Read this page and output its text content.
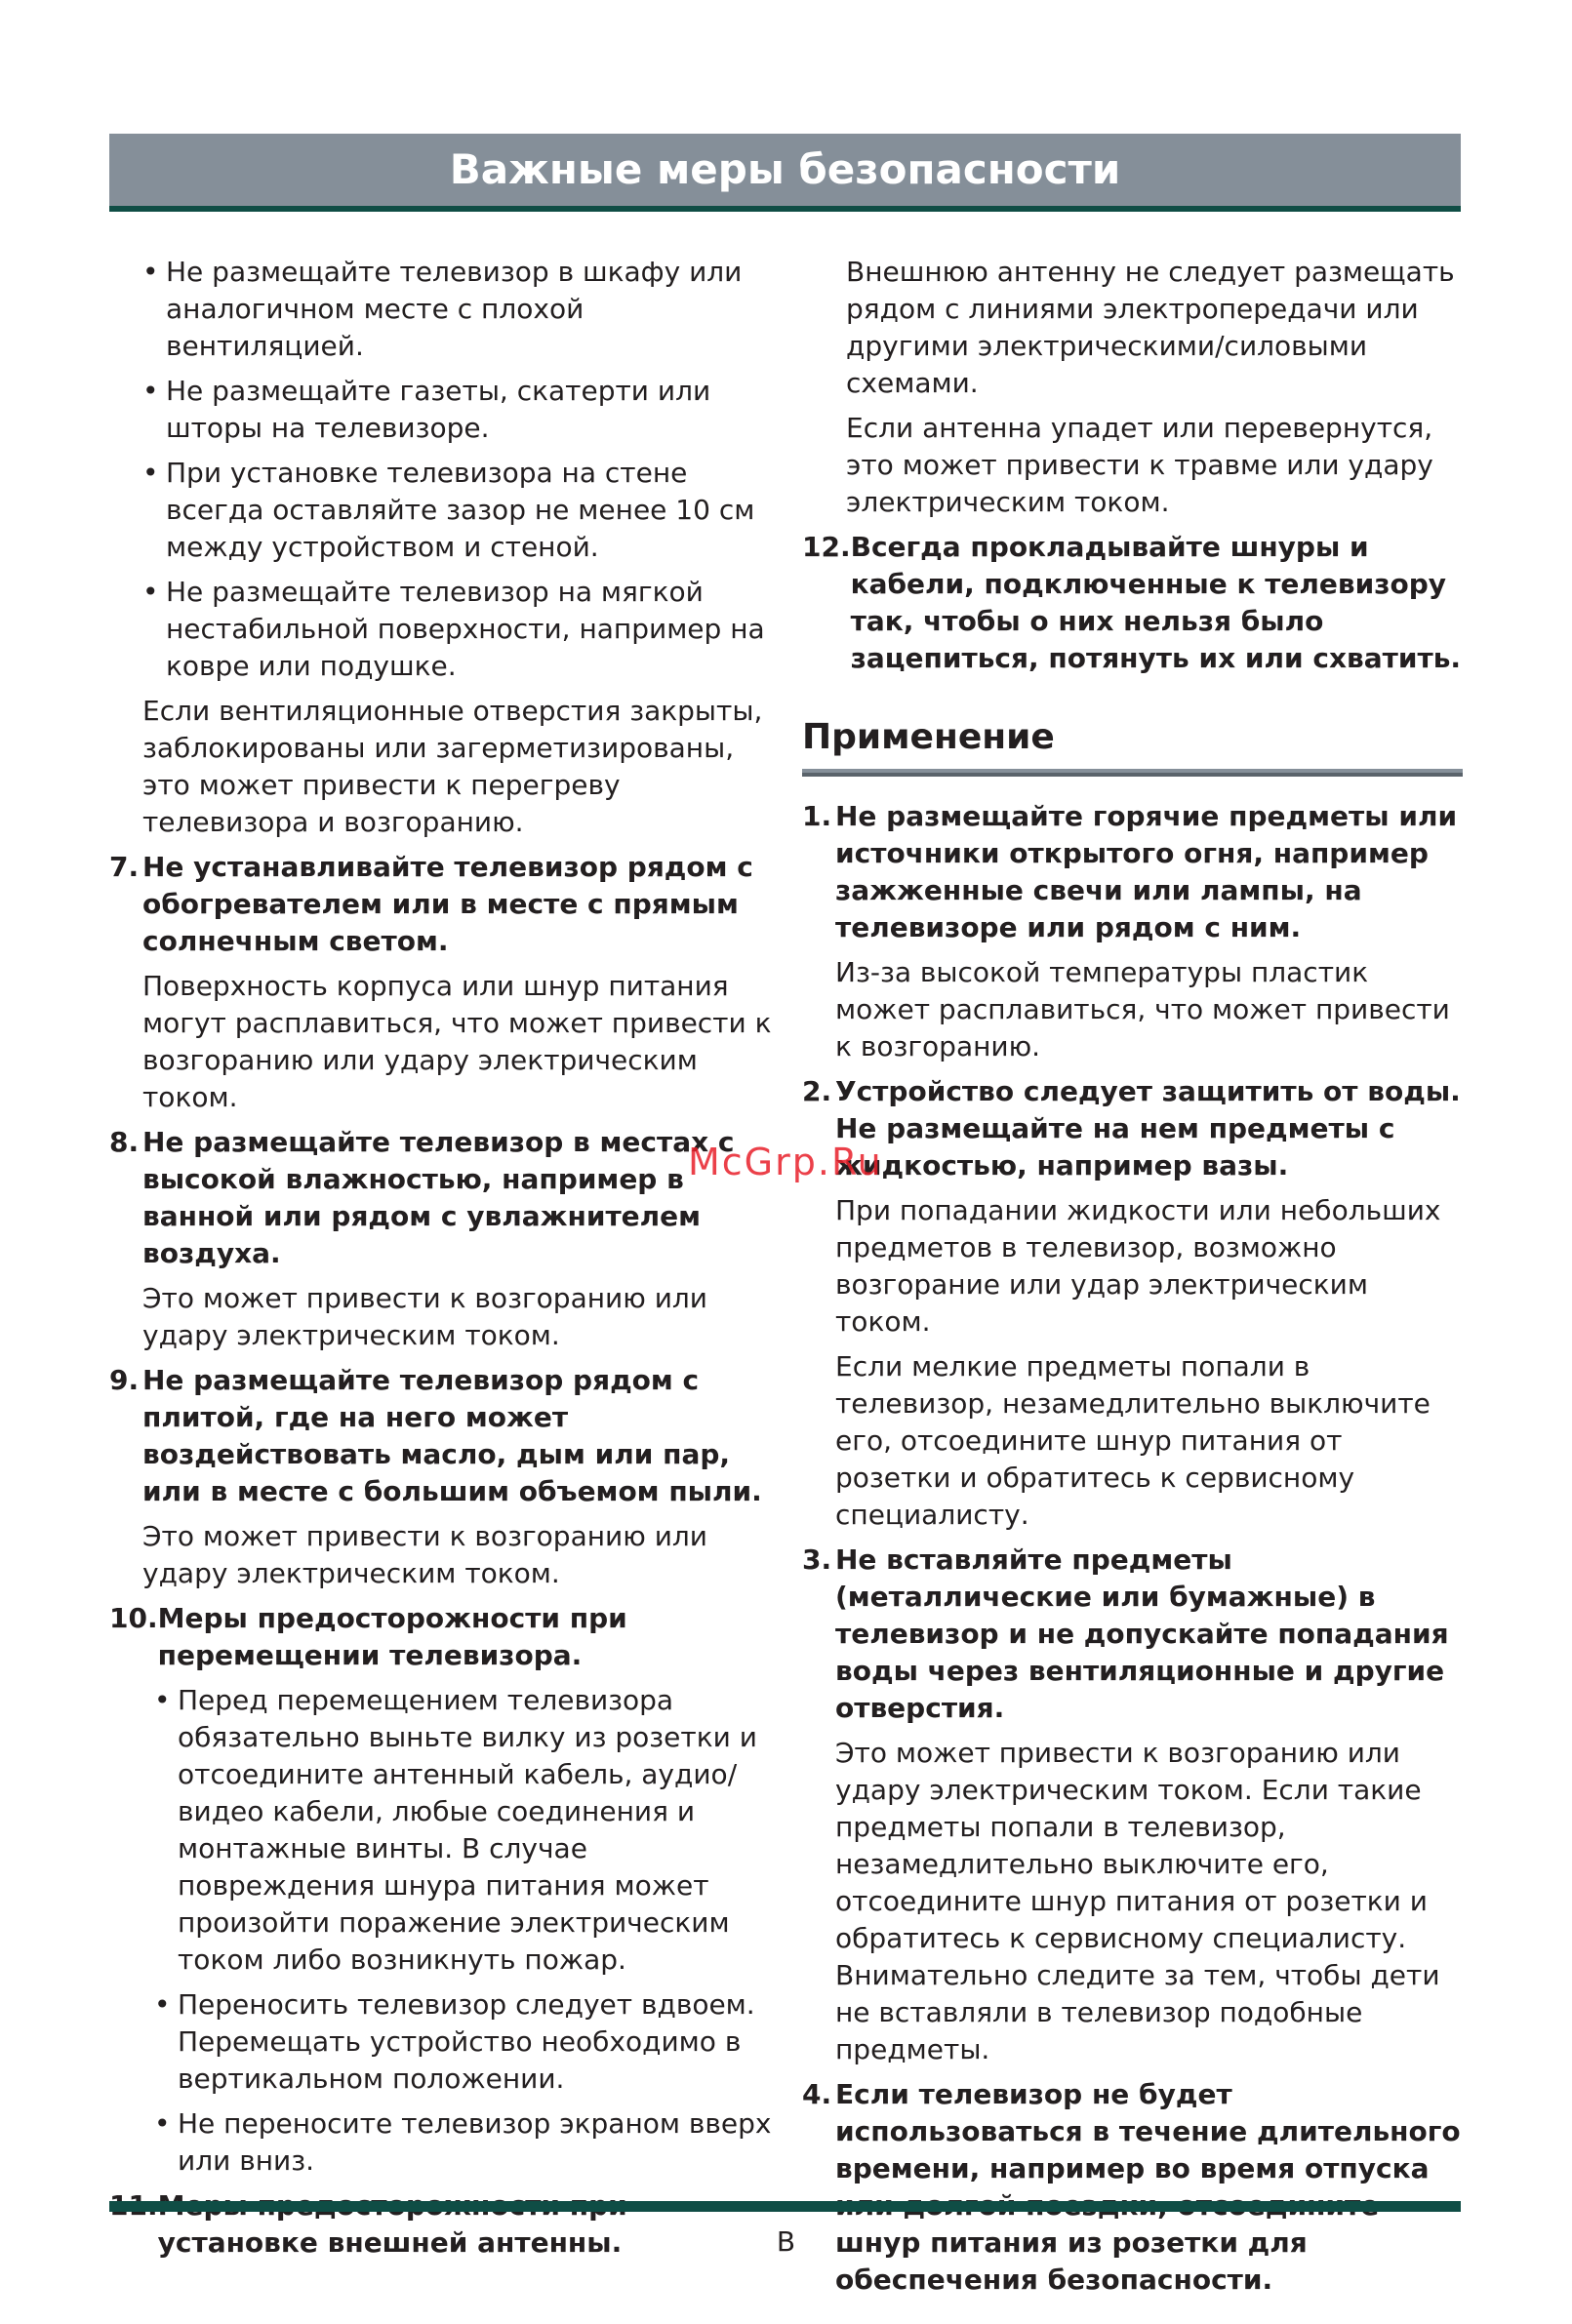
Важные меры безопасности
• Не размещайте телевизор в шкафу или аналогичном месте с плохой вентиляцией.
• Не размещайте газеты, скатерти или шторы на телевизоре.
• При установке телевизора на стене всегда оставляйте зазор не менее 10 см между устройством и стеной.
• Не размещайте телевизор на мягкой нестабильной поверхности, например на ковре или подушке.
Если вентиляционные отверстия закрыты, заблокированы или загерметизированы, это может привести к перегреву телевизора и возгоранию.
7. Не устанавливайте телевизор рядом с обогревателем или в месте с прямым солнечным светом.
Поверхность корпуса или шнур питания могут расплавиться, что может привести к возгоранию или удару электрическим током.
8. Не размещайте телевизор в местах с высокой влажностью, например в ванной или рядом с увлажнителем воздуха.
Это может привести к возгоранию или удару электрическим током.
9. Не размещайте телевизор рядом с плитой, где на него может воздействовать масло, дым или пар, или в месте с большим объемом пыли.
Это может привести к возгоранию или удару электрическим током.
10. Меры предосторожности при перемещении телевизора.
• Перед перемещением телевизора обязательно выньте вилку из розетки и отсоедините антенный кабель, аудио/видео кабели, любые соединения и монтажные винты. В случае повреждения шнура питания может произойти поражение электрическим током либо возникнуть пожар.
• Переносить телевизор следует вдвоем. Перемещать устройство необходимо в вертикальном положении.
• Не переносите телевизор экраном вверх или вниз.
установке внешней антенны.
Внешнюю антенну не следует размещать рядом с линиями электропередачи или другими электрическими/силовыми схемами.
Если антенна упадет или перевернутся, это может привести к травме или удару электрическим током.
12. Всегда прокладывайте шнуры и кабели, подключенные к телевизору так, чтобы о них нельзя было зацепиться, потянуть их или схватить.
Применение
1. Не размещайте горячие предметы или источники открытого огня, например зажженные свечи или лампы, на телевизоре или рядом с ним.
Из-за высокой температуры пластик может расплавиться, что может привести к возгоранию.
2. Устройство следует защитить от воды. Не размещайте на нем предметы с жидкостью, например вазы.
При попадании жидкости или небольших предметов в телевизор, возможно возгорание или удар электрическим током.
Если мелкие предметы попали в телевизор, незамедлительно выключите его, отсоедините шнур питания от розетки и обратитесь к сервисному специалисту.
3. Не вставляйте предметы (металлические или бумажные) в телевизор и не допускайте попадания воды через вентиляционные и другие отверстия.
Это может привести к возгоранию или удару электрическим током. Если такие предметы попали в телевизор, незамедлительно выключите его, отсоедините шнур питания от розетки и обратитесь к сервисному специалисту. Внимательно следите за тем, чтобы дети не вставляли в телевизор подобные предметы.
4. Если телевизор не будет использоваться в течение длительного времени, например во время отпуска шнур питания из розетки для обеспечения безопасности.
McGrp.Ru
В
